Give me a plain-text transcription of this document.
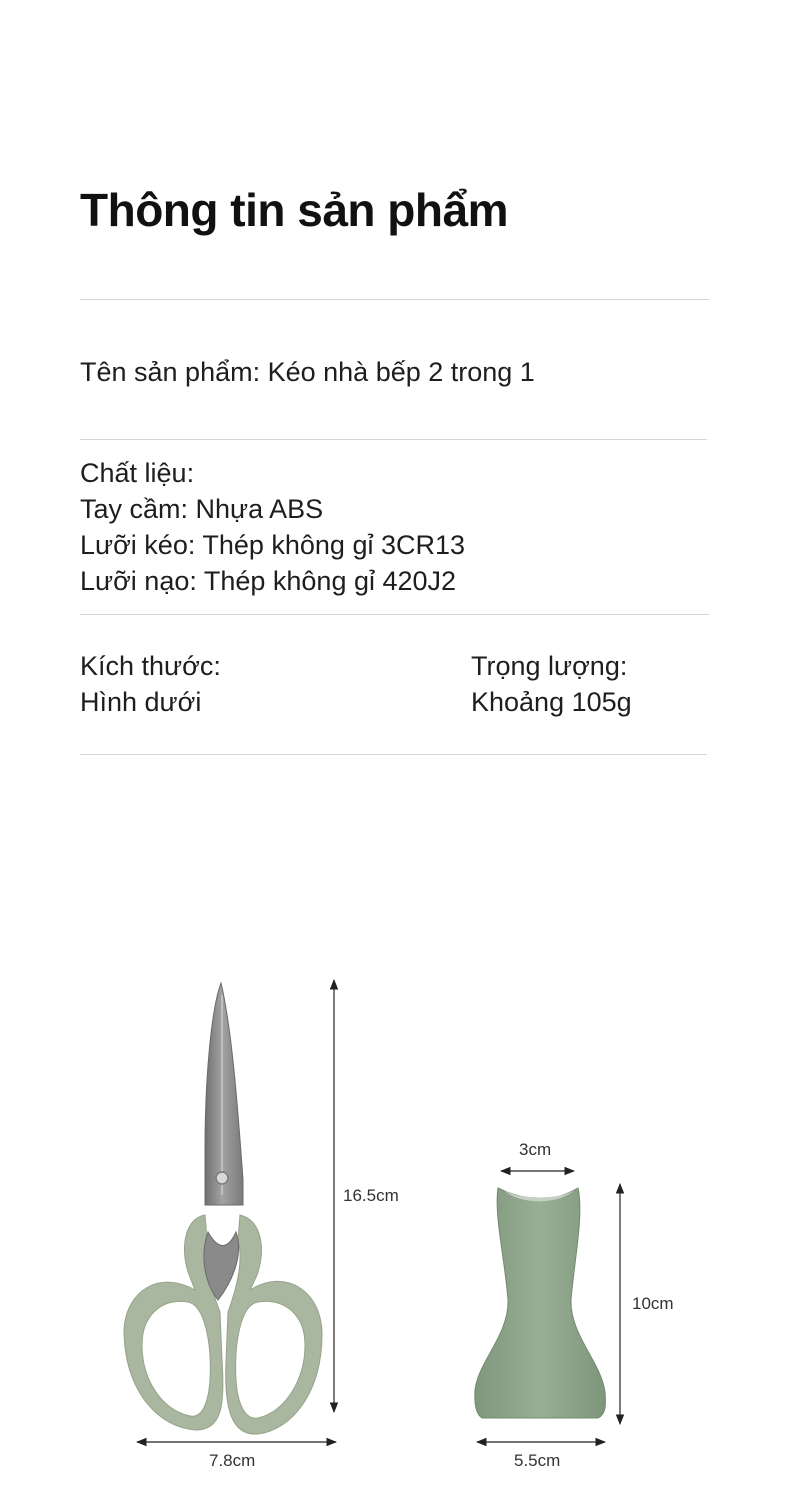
Thông tin sản phẩm
Tên sản phẩm: Kéo nhà bếp 2 trong 1
Chất liệu:
Tay cầm: Nhựa ABS
Lưỡi kéo: Thép không gỉ 3CR13
Lưỡi nạo: Thép không gỉ 420J2
Kích thước:
Hình dưới
Trọng lượng:
Khoảng 105g
16.5cm
7.8cm
3cm
10cm
5.5cm
